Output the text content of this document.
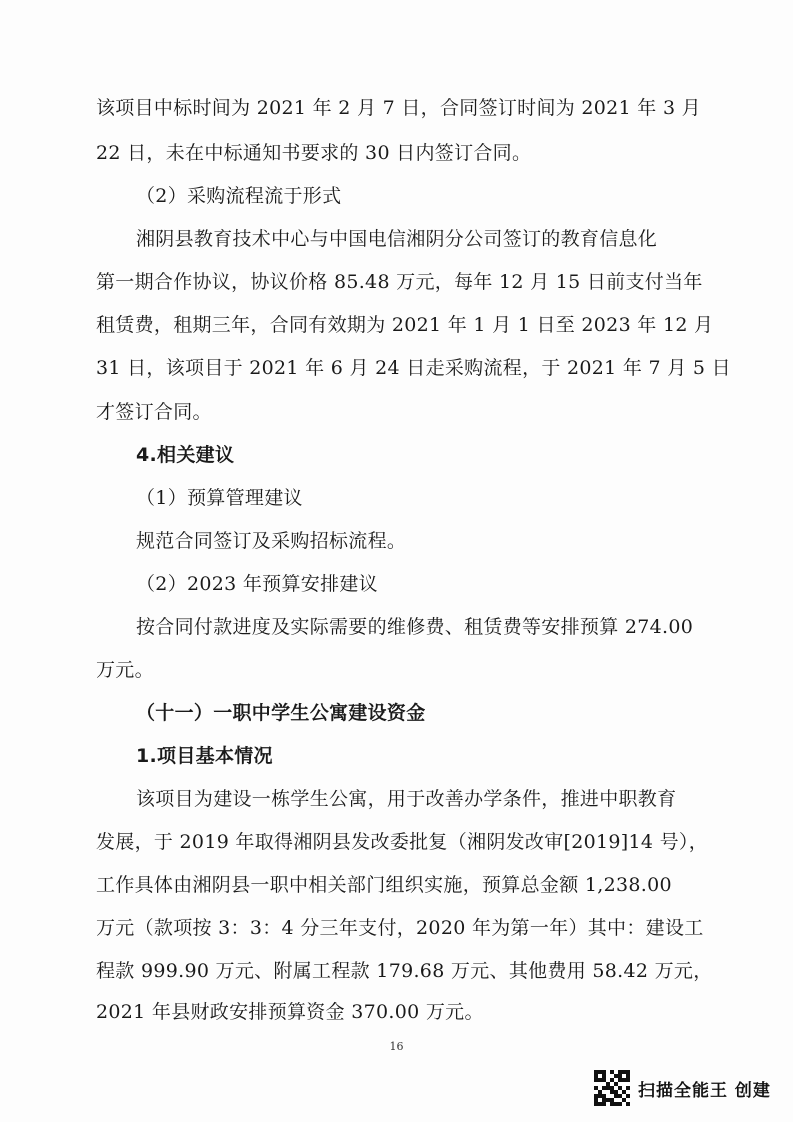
该项目中标时间为 2021 年 2 月 7 日，合同签订时间为 2021 年 3 月
22 日，未在中标通知书要求的 30 日内签订合同。
（2）采购流程流于形式
湘阴县教育技术中心与中国电信湘阴分公司签订的教育信息化
第一期合作协议，协议价格 85.48 万元，每年 12 月 15 日前支付当年
租赁费，租期三年，合同有效期为 2021 年 1 月 1 日至 2023 年 12 月
31 日，该项目于 2021 年 6 月 24 日走采购流程，于 2021 年 7 月 5 日
才签订合同。
4.相关建议
（1）预算管理建议
规范合同签订及采购招标流程。
（2）2023 年预算安排建议
按合同付款进度及实际需要的维修费、租赁费等安排预算 274.00
万元。
（十一）一职中学生公寓建设资金
1.项目基本情况
该项目为建设一栋学生公寓，用于改善办学条件，推进中职教育
发展，于 2019 年取得湘阴县发改委批复（湘阴发改审[2019]14 号），
工作具体由湘阴县一职中相关部门组织实施，预算总金额 1,238.00
万元（款项按 3：3：4 分三年支付，2020 年为第一年）其中：建设工
程款 999.90 万元、附属工程款 179.68 万元、其他费用 58.42 万元，
16
扫描全能王 创建
2021 年县财政安排预算资金 370.00 万元。
